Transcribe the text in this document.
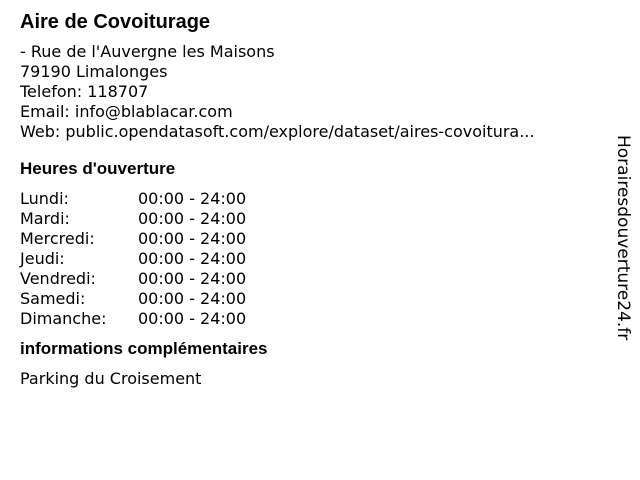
Aire de Covoiturage
- Rue de l'Auvergne les Maisons
79190 Limalonges
Telefon: 118707
Email: info@blablacar.com
Web: public.opendatasoft.com/explore/dataset/aires-covoitura...
Heures d'ouverture
Lundi:	00:00 - 24:00
Mardi:	00:00 - 24:00
Mercredi:	00:00 - 24:00
Jeudi:	00:00 - 24:00
Vendredi:	00:00 - 24:00
Samedi:	00:00 - 24:00
Dimanche:	00:00 - 24:00
informations complémentaires
Parking du Croisement
Horairesdouverture24.fr
